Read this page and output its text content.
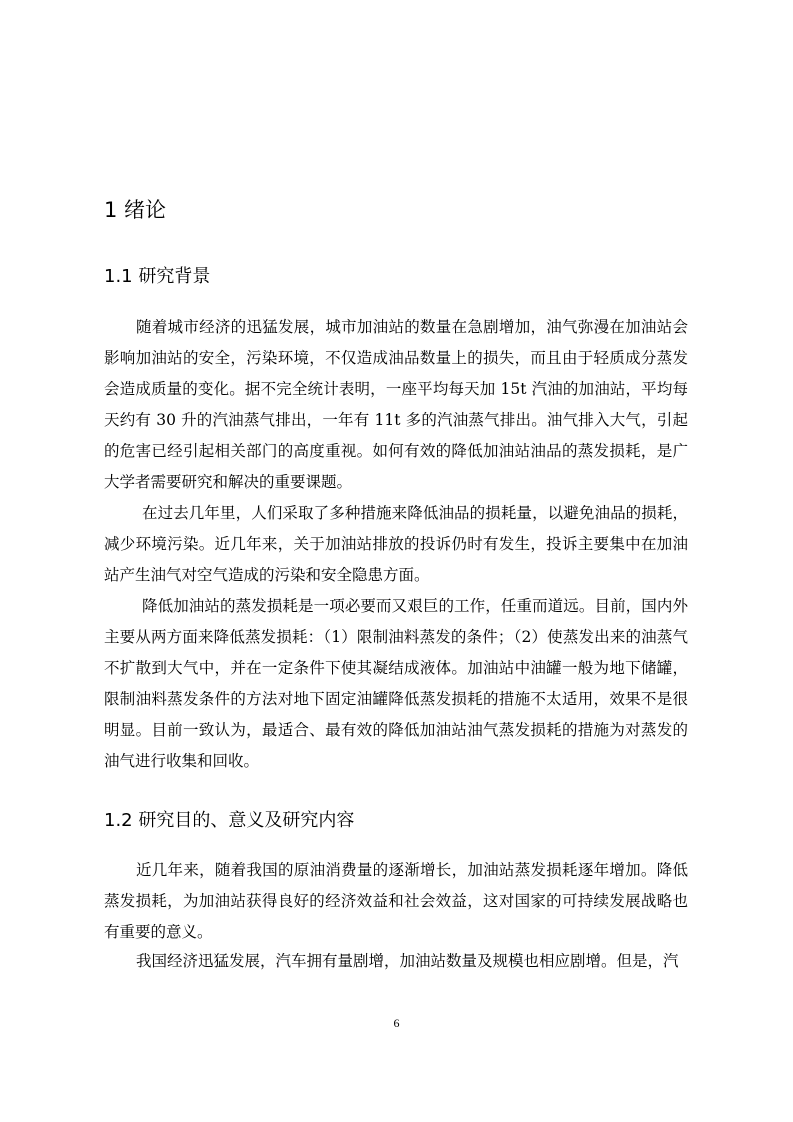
1 绪论
1.1 研究背景

随着城市经济的迅猛发展，城市加油站的数量在急剧增加，油气弥漫在加油站会影响加油站的安全，污染环境，不仅造成油品数量上的损失，而且由于轻质成分蒸发会造成质量的变化。据不完全统计表明，一座平均每天加 15t 汽油的加油站，平均每天约有 30 升的汽油蒸气排出，一年有 11t 多的汽油蒸气排出。油气排入大气，引起的危害已经引起相关部门的高度重视。如何有效的降低加油站油品的蒸发损耗，是广大学者需要研究和解决的重要课题。

在过去几年里，人们采取了多种措施来降低油品的损耗量，以避免油品的损耗，减少环境污染。近几年来，关于加油站排放的投诉仍时有发生，投诉主要集中在加油站产生油气对空气造成的污染和安全隐患方面。

降低加油站的蒸发损耗是一项必要而又艰巨的工作，任重而道远。目前，国内外主要从两方面来降低蒸发损耗：（1）限制油料蒸发的条件；（2）使蒸发出来的油蒸气不扩散到大气中，并在一定条件下使其凝结成液体。加油站中油罐一般为地下储罐，限制油料蒸发条件的方法对地下固定油罐降低蒸发损耗的措施不太适用，效果不是很明显。目前一致认为，最适合、最有效的降低加油站油气蒸发损耗的措施为对蒸发的油气进行收集和回收。

1.2 研究目的、意义及研究内容

近几年来，随着我国的原油消费量的逐渐增长，加油站蒸发损耗逐年增加。降低蒸发损耗，为加油站获得良好的经济效益和社会效益，这对国家的可持续发展战略也有重要的意义。

我国经济迅猛发展，汽车拥有量剧增，加油站数量及规模也相应剧增。但是，汽

6
